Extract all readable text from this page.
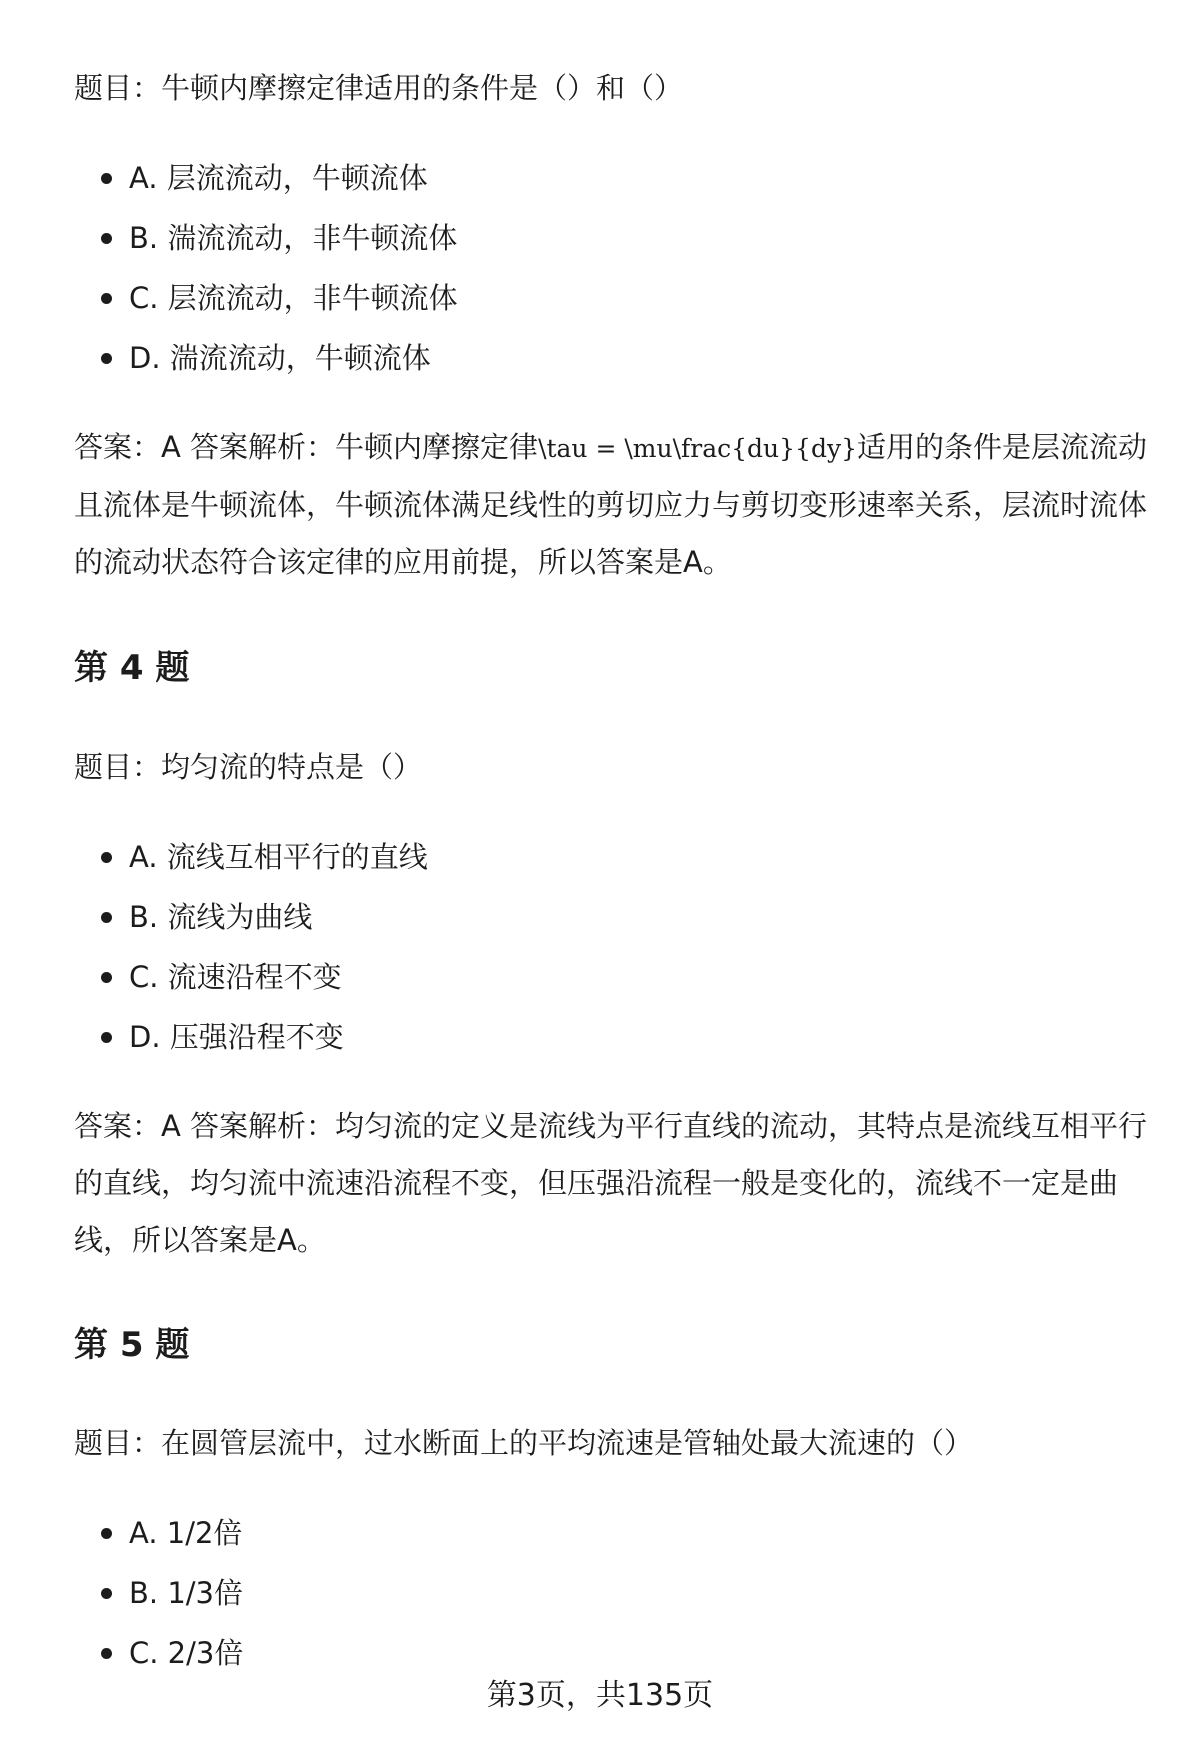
题目：牛顿内摩擦定律适用的条件是（）和（）

A. 层流流动，牛顿流体
B. 湍流流动，非牛顿流体
C. 层流流动，非牛顿流体
D. 湍流流动，牛顿流体

答案：A 答案解析：牛顿内摩擦定律\tau = \mu\frac{du}{dy}适用的条件是层流流动且流体是牛顿流体，牛顿流体满足线性的剪切应力与剪切变形速率关系，层流时流体的流动状态符合该定律的应用前提，所以答案是A。

第 4 题

题目：均匀流的特点是（）

A. 流线互相平行的直线
B. 流线为曲线
C. 流速沿程不变
D. 压强沿程不变

答案：A 答案解析：均匀流的定义是流线为平行直线的流动，其特点是流线互相平行的直线，均匀流中流速沿流程不变，但压强沿流程一般是变化的，流线不一定是曲线，所以答案是A。

第 5 题

题目：在圆管层流中，过水断面上的平均流速是管轴处最大流速的（）

A. 1/2倍
B. 1/3倍
C. 2/3倍
第3页，共135页
